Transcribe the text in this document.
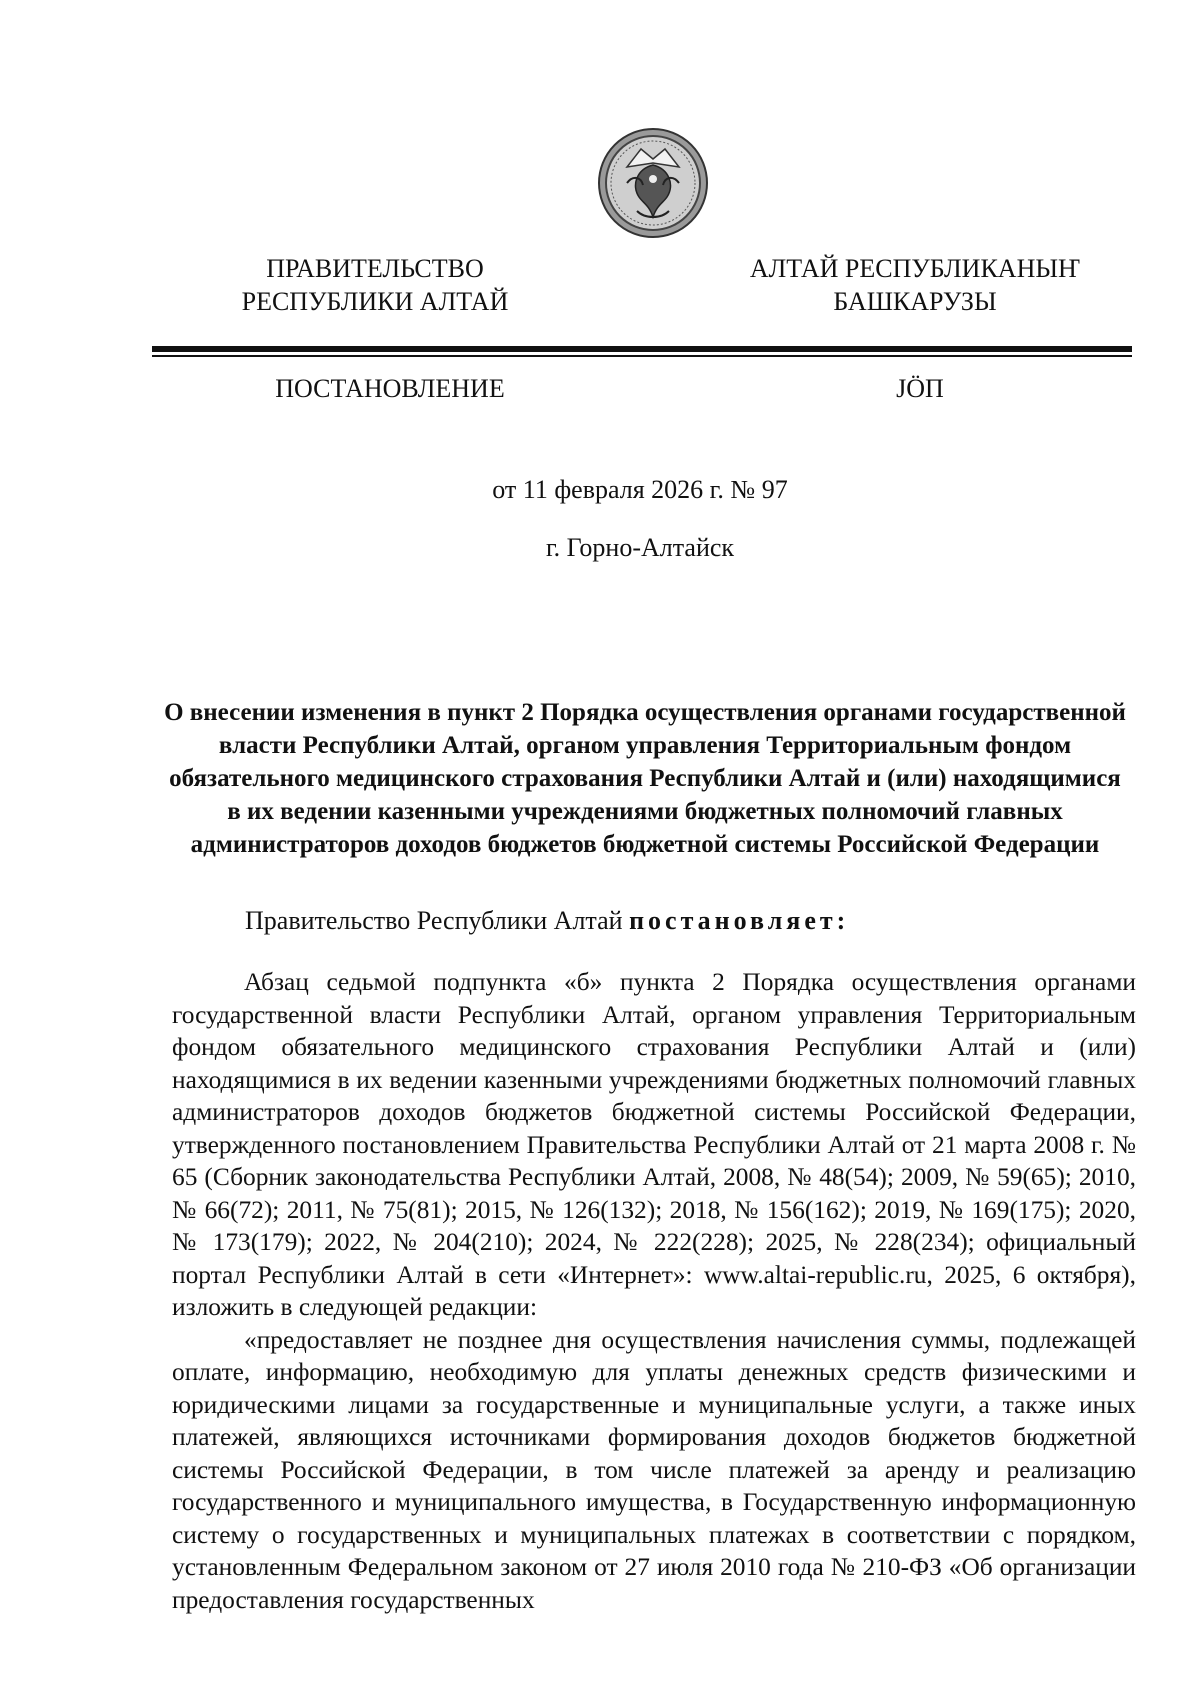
ПРАВИТЕЛЬСТВО
РЕСПУБЛИКИ АЛТАЙ
АЛТАЙ РЕСПУБЛИКАНЫҤ
БАШКАРУЗЫ
ПОСТАНОВЛЕНИЕ	JӦП
от 11 февраля 2026 г. № 97
г. Горно-Алтайск
О внесении изменения в пункт 2 Порядка осуществления органами государственной власти Республики Алтай, органом управления Территориальным фондом обязательного медицинского страхования Республики Алтай и (или) находящимися в их ведении казенными учреждениями бюджетных полномочий главных администраторов доходов бюджетов бюджетной системы Российской Федерации
Правительство Республики Алтай постановляет:

Абзац седьмой подпункта «б» пункта 2 Порядка осуществления органами государственной власти Республики Алтай, органом управления Территориальным фондом обязательного медицинского страхования Республики Алтай и (или) находящимися в их ведении казенными учреждениями бюджетных полномочий главных администраторов доходов бюджетов бюджетной системы Российской Федерации, утвержденного постановлением Правительства Республики Алтай от 21 марта 2008 г. № 65 (Сборник законодательства Республики Алтай, 2008, № 48(54); 2009, № 59(65); 2010, № 66(72); 2011, № 75(81); 2015, № 126(132); 2018, № 156(162); 2019, № 169(175); 2020, № 173(179); 2022, № 204(210); 2024, № 222(228); 2025, № 228(234); официальный портал Республики Алтай в сети «Интернет»: www.altai-republic.ru, 2025, 6 октября), изложить в следующей редакции:

«предоставляет не позднее дня осуществления начисления суммы, подлежащей оплате, информацию, необходимую для уплаты денежных средств физическими и юридическими лицами за государственные и муниципальные услуги, а также иных платежей, являющихся источниками формирования доходов бюджетов бюджетной системы Российской Федерации, в том числе платежей за аренду и реализацию государственного и муниципального имущества, в Государственную информационную систему о государственных и муниципальных платежах в соответствии с порядком, установленным Федеральном законом от 27 июля 2010 года № 210-ФЗ «Об организации предоставления государственных
